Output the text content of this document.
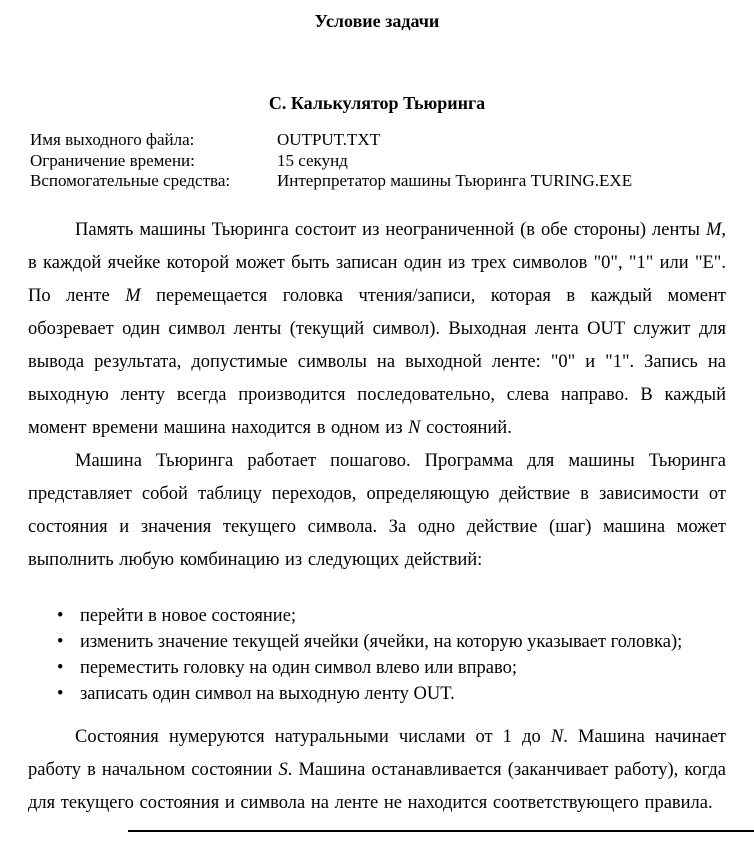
Условие задачи
С. Калькулятор Тьюринга
Имя выходного файла:	OUTPUT.TXT
Ограничение времени:	15 секунд
Вспомогательные средства:	Интерпретатор машины Тьюринга TURING.EXE

Память машины Тьюринга состоит из неограниченной (в обе стороны) ленты М, в каждой ячейке которой может быть записан один из трех символов "0", "1" или "Е". По ленте М перемещается головка чтения/записи, которая в каждый момент обозревает один символ ленты (текущий символ). Выходная лента OUT служит для вывода результата, допустимые символы на выходной ленте: "0" и "1". Запись на выходную ленту всегда производится последовательно, слева направо. В каждый момент времени машина находится в одном из N состояний.

Машина Тьюринга работает пошагово. Программа для машины Тьюринга представляет собой таблицу переходов, определяющую действие в зависимости от состояния и значения текущего символа. За одно действие (шаг) машина может выполнить любую комбинацию из следующих действий:

• перейти в новое состояние;
• изменить значение текущей ячейки (ячейки, на которую указывает головка);
• переместить головку на один символ влево или вправо;
• записать один символ на выходную ленту OUT.

Состояния нумеруются натуральными числами от 1 до N. Машина начинает работу в начальном состоянии S. Машина останавливается (заканчивает работу), когда для текущего состояния и символа на ленте не находится соответствующего правила.
